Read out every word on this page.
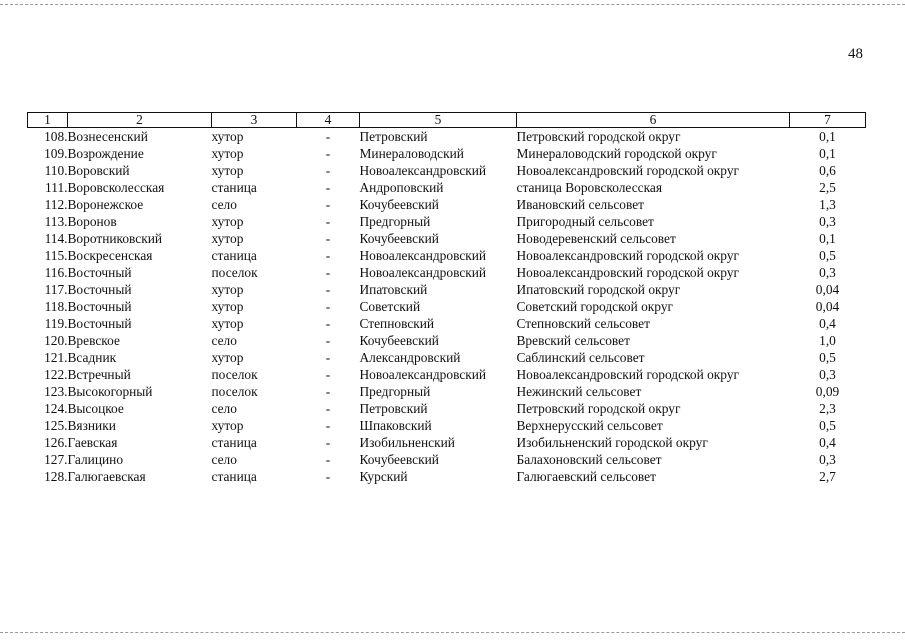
48
1	2	3	4	5	6	7
108.	Вознесенский	хутор	-	Петровский	Петровский городской округ	0,1
109.	Возрождение	хутор	-	Минераловодский	Минераловодский городской округ	0,1
110.	Воровский	хутор	-	Новоалександровский	Новоалександровский городской округ	0,6
111.	Воровсколесская	станица	-	Андроповский	станица Воровсколесская	2,5
112.	Воронежское	село	-	Кочубеевский	Ивановский сельсовет	1,3
113.	Воронов	хутор	-	Предгорный	Пригородный сельсовет	0,3
114.	Воротниковский	хутор	-	Кочубеевский	Новодеревенский сельсовет	0,1
115.	Воскресенская	станица	-	Новоалександровский	Новоалександровский городской округ	0,5
116.	Восточный	поселок	-	Новоалександровский	Новоалександровский городской округ	0,3
117.	Восточный	хутор	-	Ипатовский	Ипатовский городской округ	0,04
118.	Восточный	хутор	-	Советский	Советский городской округ	0,04
119.	Восточный	хутор	-	Степновский	Степновский сельсовет	0,4
120.	Вревское	село	-	Кочубеевский	Вревский сельсовет	1,0
121.	Всадник	хутор	-	Александровский	Саблинский сельсовет	0,5
122.	Встречный	поселок	-	Новоалександровский	Новоалександровский городской округ	0,3
123.	Высокогорный	поселок	-	Предгорный	Нежинский сельсовет	0,09
124.	Высоцкое	село	-	Петровский	Петровский городской округ	2,3
125.	Вязники	хутор	-	Шпаковский	Верхнерусский сельсовет	0,5
126.	Гаевская	станица	-	Изобильненский	Изобильненский городской округ	0,4
127.	Галицино	село	-	Кочубеевский	Балахоновский сельсовет	0,3
128.	Галюгаевская	станица	-	Курский	Галюгаевский сельсовет	2,7
